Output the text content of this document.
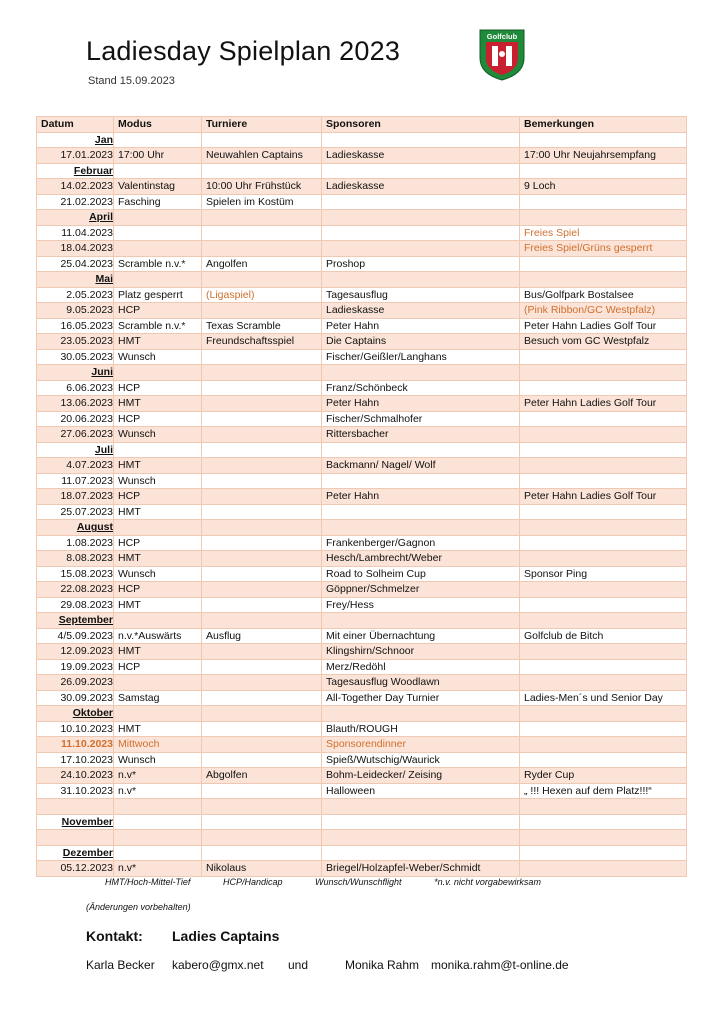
Ladiesday Spielplan 2023
Stand 15.09.2023
Golfclub
Datum	Modus	Turniere	Sponsoren	Bemerkungen
Jan				
17.01.2023	17:00 Uhr	Neuwahlen Captains	Ladieskasse	17:00 Uhr Neujahrsempfang
Februar				
14.02.2023	Valentinstag	10:00 Uhr Frühstück	Ladieskasse	9 Loch
21.02.2023	Fasching	Spielen im Kostüm		
April				
11.04.2023				Freies Spiel
18.04.2023				Freies Spiel/Grüns gesperrt
25.04.2023	Scramble n.v.*	Angolfen	Proshop	
Mai				
2.05.2023	Platz gesperrt	(Ligaspiel)	Tagesausflug	Bus/Golfpark Bostalsee
9.05.2023	HCP		Ladieskasse	(Pink Ribbon/GC Westpfalz)
16.05.2023	Scramble n.v.*	Texas Scramble	Peter Hahn	Peter Hahn Ladies Golf Tour
23.05.2023	HMT	Freundschaftsspiel	Die Captains	Besuch vom GC Westpfalz
30.05.2023	Wunsch		Fischer/Geißler/Langhans	
Juni				
6.06.2023	HCP		Franz/Schönbeck	
13.06.2023	HMT		Peter Hahn	Peter Hahn Ladies Golf Tour
20.06.2023	HCP		Fischer/Schmalhofer	
27.06.2023	Wunsch		Rittersbacher	
Juli				
4.07.2023	HMT		Backmann/ Nagel/ Wolf	
11.07.2023	Wunsch			
18.07.2023	HCP		Peter Hahn	Peter Hahn Ladies Golf Tour
25.07.2023	HMT			
August				
1.08.2023	HCP		Frankenberger/Gagnon	
8.08.2023	HMT		Hesch/Lambrecht/Weber	
15.08.2023	Wunsch		Road to Solheim Cup	Sponsor Ping
22.08.2023	HCP		Göppner/Schmelzer	
29.08.2023	HMT		Frey/Hess	
September				
4/5.09.2023	n.v.*Auswärts	Ausflug	Mit einer Übernachtung	Golfclub de Bitch
12.09.2023	HMT		Klingshirn/Schnoor	
19.09.2023	HCP		Merz/Redöhl	
26.09.2023			Tagesausflug Woodlawn	
30.09.2023	Samstag		All-Together Day Turnier	Ladies-Men´s und Senior Day
Oktober				
10.10.2023	HMT		Blauth/ROUGH	
11.10.2023	Mittwoch		Sponsorendinner	
17.10.2023	Wunsch		Spieß/Wutschig/Waurick	
24.10.2023	n.v*	Abgolfen	Bohm-Leidecker/ Zeising	Ryder Cup
31.10.2023	n.v*		Halloween	„ !!! Hexen auf dem Platz!!!“

November				

Dezember				
05.12.2023	n.v*	Nikolaus	Briegel/Holzapfel-Weber/Schmidt	
HMT/Hoch-Mittel-Tief	HCP/Handicap	Wunsch/Wunschflight	*n.v. nicht vorgabewirksam
(Änderungen vorbehalten)
Kontakt: Ladies Captains
Karla Becker kabero@gmx.net und	Monika Rahm monika.rahm@t-online.de
